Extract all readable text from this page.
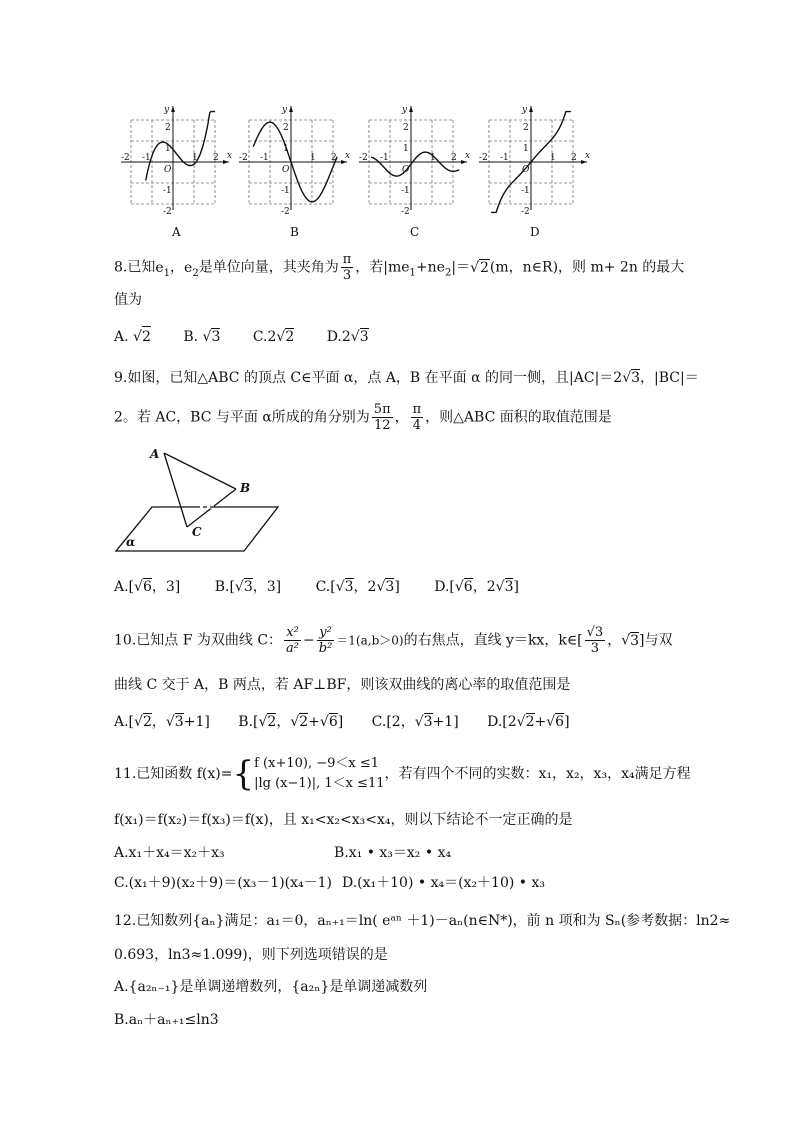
x
y
O
-2 -1	1 2
2
1
-1
-2
x
y
O
-2 -1	1 2
2
1
-1
-2
x
y
O
-2 -1	1 2
2
1
-1
-2
x
y
O
-2 -1	1 2
2
1
-1
-2
A	B	C	D
8.已知$e_1$，$e_2$是单位向量，其夹角为 $\frac{\pi}{3}$ ，若$|me_1+ne_2|=√2(m$，n∈R)，则 m+ 2n 的最大
值为
A. √2 B. √3 C.2√2 D.2√3
9.如图，已知△ABC 的顶点 C∈平面 α，点 A，B 在平面 α 的同一侧，且|AC|＝2√3，|BC|＝
2。若 AC，BC 与平面 α所成的角分别为 $\frac{5\pi}{12}$ ， $\frac{\pi}{4}$ ，则△ABC 面积的取值范围是
A
B
C
α
A.[√6，3] B.[√3，3] C.[√3，2√3] D.[√6，2√3]
10.已知点 F 为双曲线 C： $\frac{\text{x²}}{\text{a²}} - \frac{\text{y²}}{\text{b²}} =1(a,b>0)$的右焦点，直线 y＝kx，k∈[ $\frac{√3}{3}$ ，√3]与双
曲线 C 交于 A，B 两点，若 AF⊥BF，则该双曲线的离心率的取值范围是
A.[√2，√3+1] B.[√2，√2+√6] C.[2，√3+1] D.[2√2+√6]
11.已知函数 f(x)= { f (x+10), −9＜x ≤1
|lg (x−1)|, 1＜x ≤11
，若有四个不同的实数：x₁，x₂，x₃，x₄满足方程
f(x₁)＝f(x₂)＝f(x₃)＝f(x)，且 x₁<x₂<x₃<x₄，则以下结论不一定正确的是
A.x₁＋x₄＝x₂＋x₃	B.x₁ • x₃＝x₂ • x₄
C.(x₁＋9)(x₂＋9)＝(x₃－1)(x₄－1) D.(x₁＋10) • x₄＝(x₂＋10) • x₃
12.已知数列{aₙ}满足：a₁＝0，aₙ₊₁＝ln( eᵃⁿ ＋1)－aₙ(n∈N*)，前 n 项和为 Sₙ(参考数据：ln2≈
0.693，ln3≈1.099)，则下列选项错误的是
A.{a₂ₙ₋₁}是单调递增数列，{a₂ₙ}是单调递减数列
B.aₙ＋aₙ₊₁≤ln3
